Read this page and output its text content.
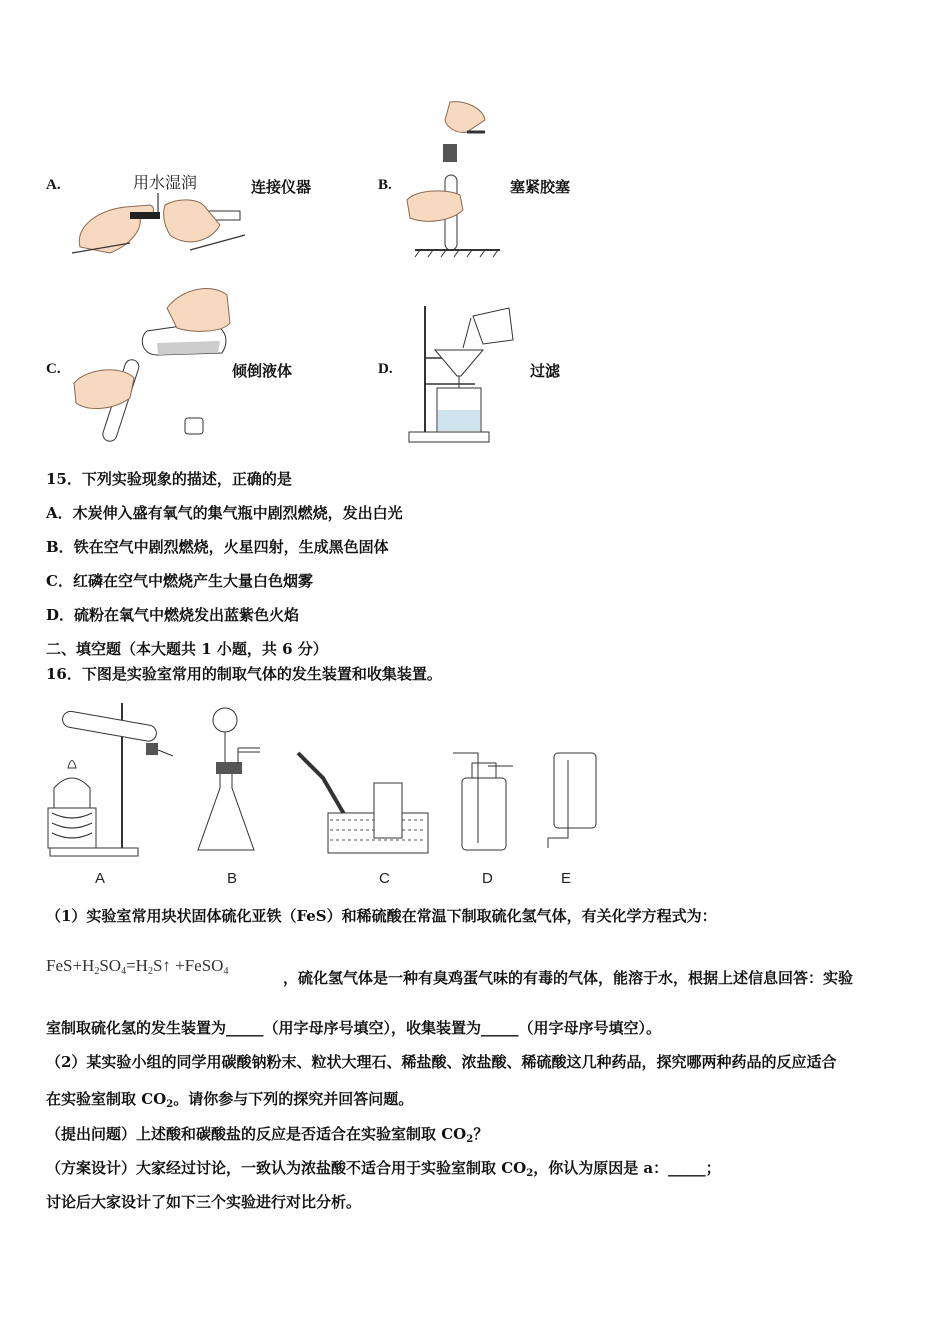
A.	用水湿润	连接仪器	B.	塞紧胶塞
C.	倾倒液体	D.	过滤
15．下列实验现象的描述，正确的是
A．木炭伸入盛有氧气的集气瓶中剧烈燃烧，发出白光
B．铁在空气中剧烈燃烧，火星四射，生成黑色固体
C．红磷在空气中燃烧产生大量白色烟雾
D．硫粉在氧气中燃烧发出蓝紫色火焰
二、填空题（本大题共 1 小题，共 6 分）
16．下图是实验室常用的制取气体的发生装置和收集装置。
A	B	C	D	E
（1）实验室常用块状固体硫化亚铁（FeS）和稀硫酸在常温下制取硫化氢气体，有关化学方程式为：
$FeS+H_2SO_4=H_2S↑$ +FeSO$_4$	，硫化氢气体是一种有臭鸡蛋气味的有毒的气体，能溶于水，根据上述信息回答：实验
室制取硫化氢的发生装置为_____（用字母序号填空），收集装置为_____（用字母序号填空）。
（2）某实验小组的同学用碳酸钠粉末、粒状大理石、稀盐酸、浓盐酸、稀硫酸这几种药品，探究哪两种药品的反应适合
在实验室制取 $CO_2$。请你参与下列的探究并回答问题。
（提出问题）上述酸和碳酸盐的反应是否适合在实验室制取 $CO_2$？
（方案设计）大家经过讨论，一致认为浓盐酸不适合用于实验室制取 $CO_2$，你认为原因是 a：_____；
讨论后大家设计了如下三个实验进行对比分析。
